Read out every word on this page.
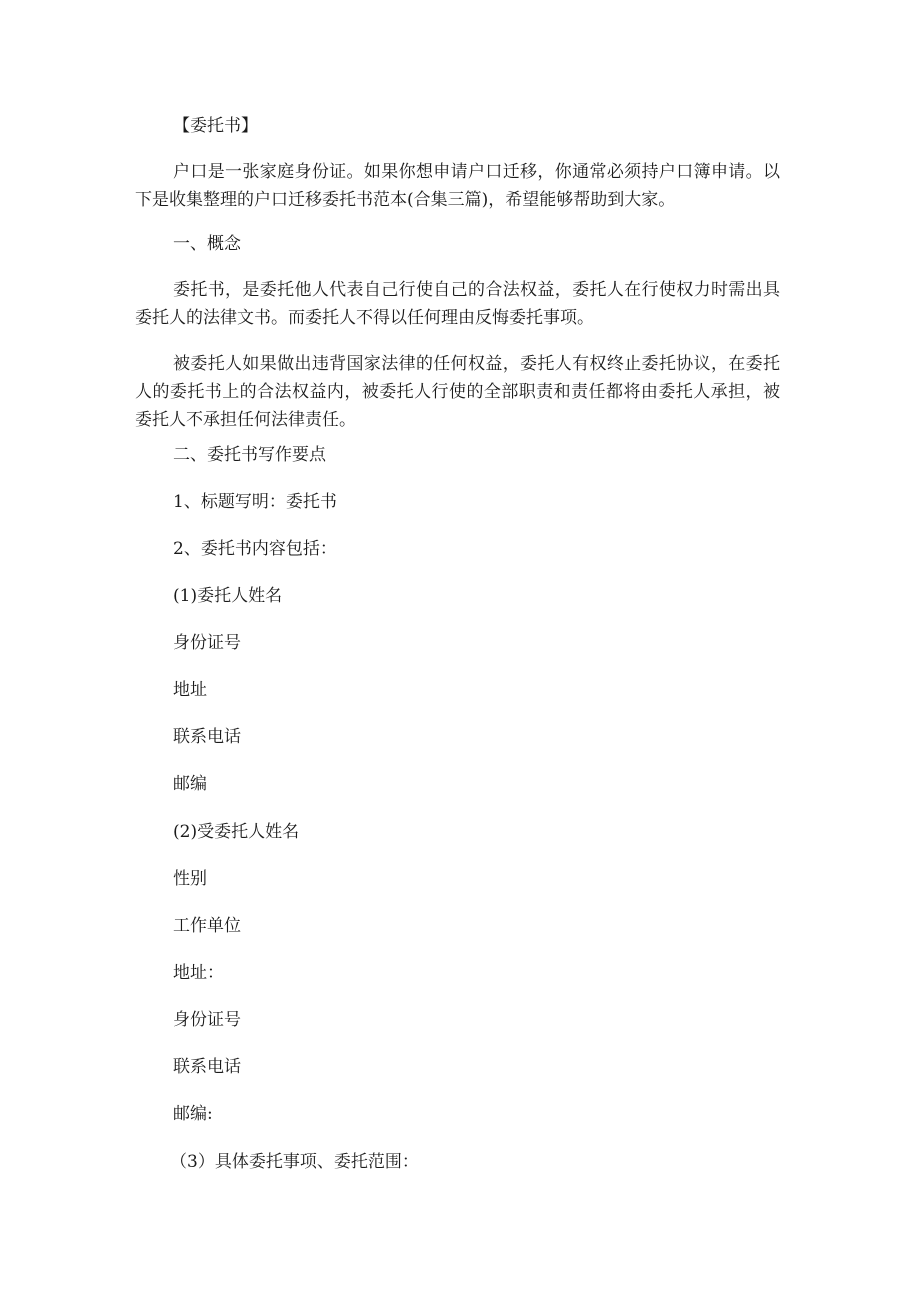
【委托书】

户口是一张家庭身份证。如果你想申请户口迁移，你通常必须持户口簿申请。以下是收集整理的户口迁移委托书范本(合集三篇)，希望能够帮助到大家。

一、概念

委托书，是委托他人代表自己行使自己的合法权益，委托人在行使权力时需出具委托人的法律文书。而委托人不得以任何理由反悔委托事项。

被委托人如果做出违背国家法律的任何权益，委托人有权终止委托协议，在委托人的委托书上的合法权益内，被委托人行使的全部职责和责任都将由委托人承担，被委托人不承担任何法律责任。

二、委托书写作要点

1、标题写明：委托书

2、委托书内容包括：

(1)委托人姓名

身份证号

地址

联系电话

邮编

(2)受委托人姓名

性别

工作单位

地址：

身份证号

联系电话

邮编:

（3）具体委托事项、委托范围：
